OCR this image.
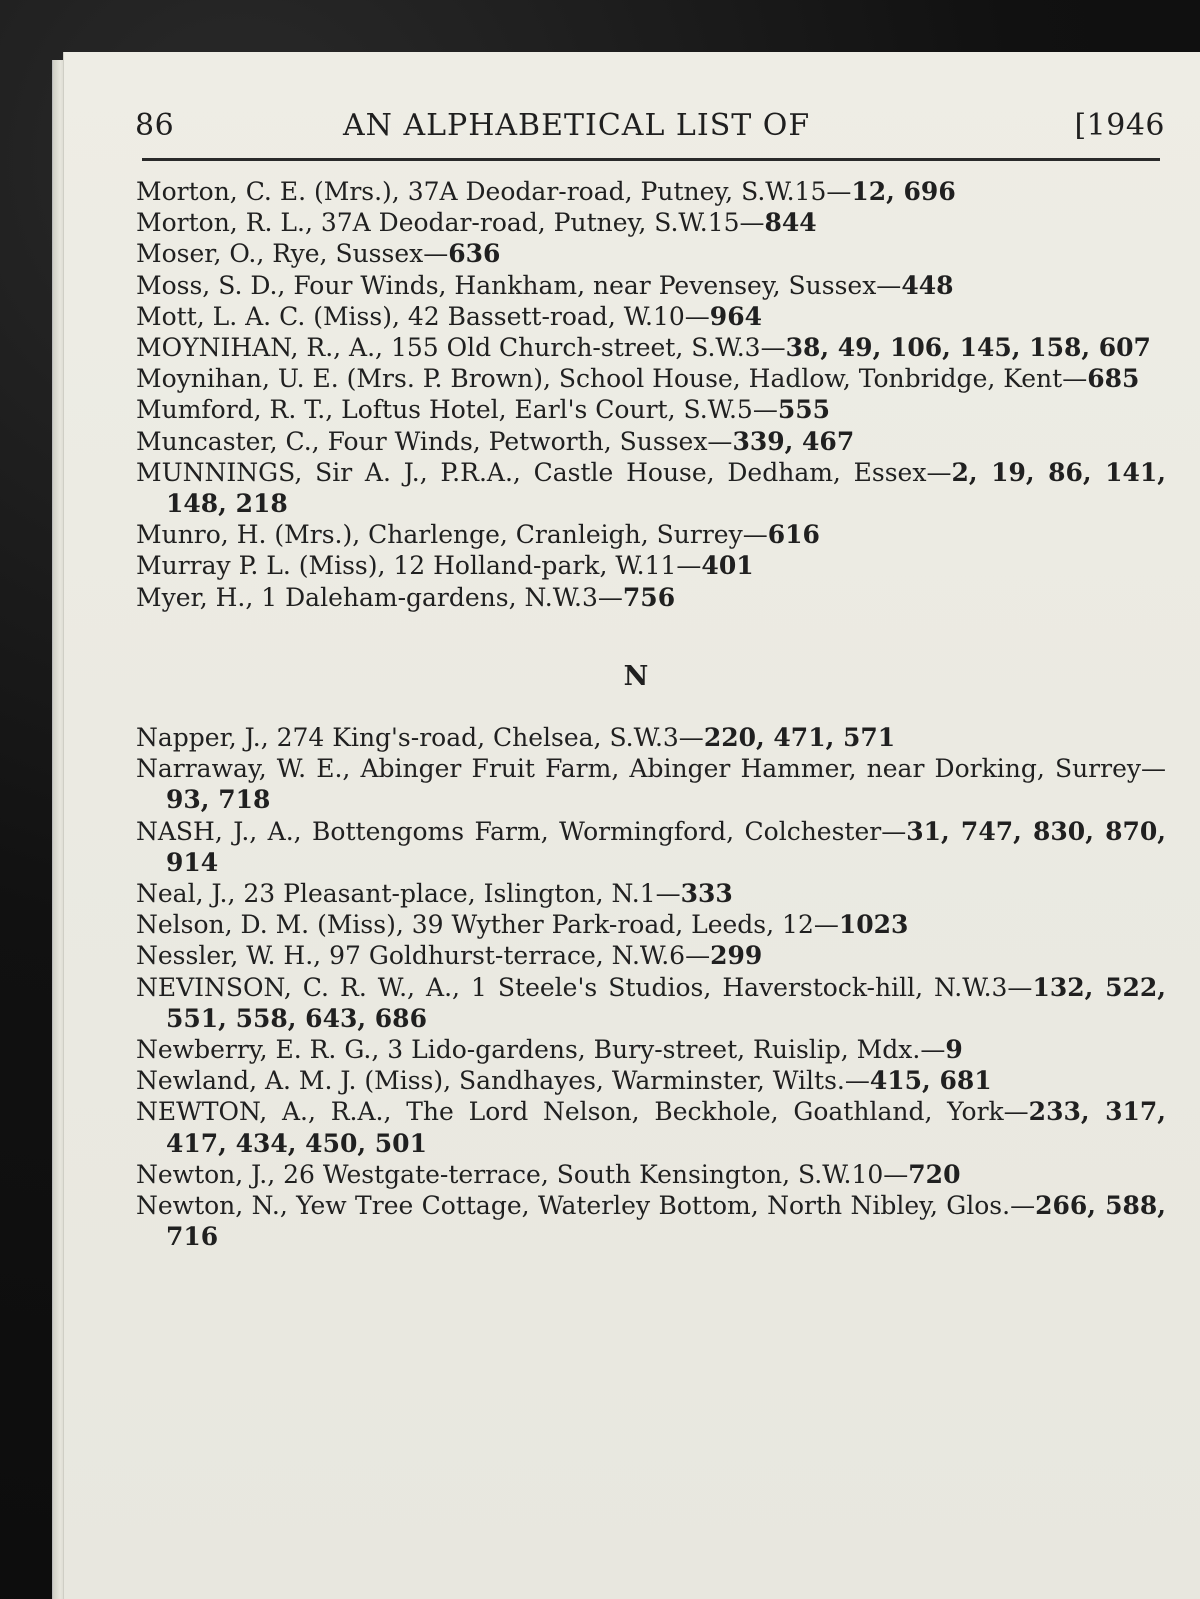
86	AN ALPHABETICAL LIST OF	[1946

Morton, C. E. (Mrs.), 37A Deodar-road, Putney, S.W.15—12, 696

Morton, R. L., 37A Deodar-road, Putney, S.W.15—844

Moser, O., Rye, Sussex—636

Moss, S. D., Four Winds, Hankham, near Pevensey, Sussex—448

Mott, L. A. C. (Miss), 42 Bassett-road, W.10—964

MOYNIHAN, R., A., 155 Old Church-street, S.W.3—38, 49, 106, 145, 158, 607

Moynihan, U. E. (Mrs. P. Brown), School House, Hadlow, Tonbridge, Kent—685

Mumford, R. T., Loftus Hotel, Earl's Court, S.W.5—555

Muncaster, C., Four Winds, Petworth, Sussex—339, 467

MUNNINGS, Sir A. J., P.R.A., Castle House, Dedham, Essex—2, 19, 86, 141, 148, 218

Munro, H. (Mrs.), Charlenge, Cranleigh, Surrey—616

Murray P. L. (Miss), 12 Holland-park, W.11—401

Myer, H., 1 Daleham-gardens, N.W.3—756

N

Napper, J., 274 King's-road, Chelsea, S.W.3—220, 471, 571

Narraway, W. E., Abinger Fruit Farm, Abinger Hammer, near Dorking, Surrey—93, 718

NASH, J., A., Bottengoms Farm, Wormingford, Colchester—31, 747, 830, 870, 914

Neal, J., 23 Pleasant-place, Islington, N.1—333

Nelson, D. M. (Miss), 39 Wyther Park-road, Leeds, 12—1023

Nessler, W. H., 97 Goldhurst-terrace, N.W.6—299

NEVINSON, C. R. W., A., 1 Steele's Studios, Haverstock-hill, N.W.3—132, 522, 551, 558, 643, 686

Newberry, E. R. G., 3 Lido-gardens, Bury-street, Ruislip, Mdx.—9

Newland, A. M. J. (Miss), Sandhayes, Warminster, Wilts.—415, 681

NEWTON, A., R.A., The Lord Nelson, Beckhole, Goathland, York—233, 317, 417, 434, 450, 501

Newton, J., 26 Westgate-terrace, South Kensington, S.W.10—720

Newton, N., Yew Tree Cottage, Waterley Bottom, North Nibley, Glos.—266, 588, 716
